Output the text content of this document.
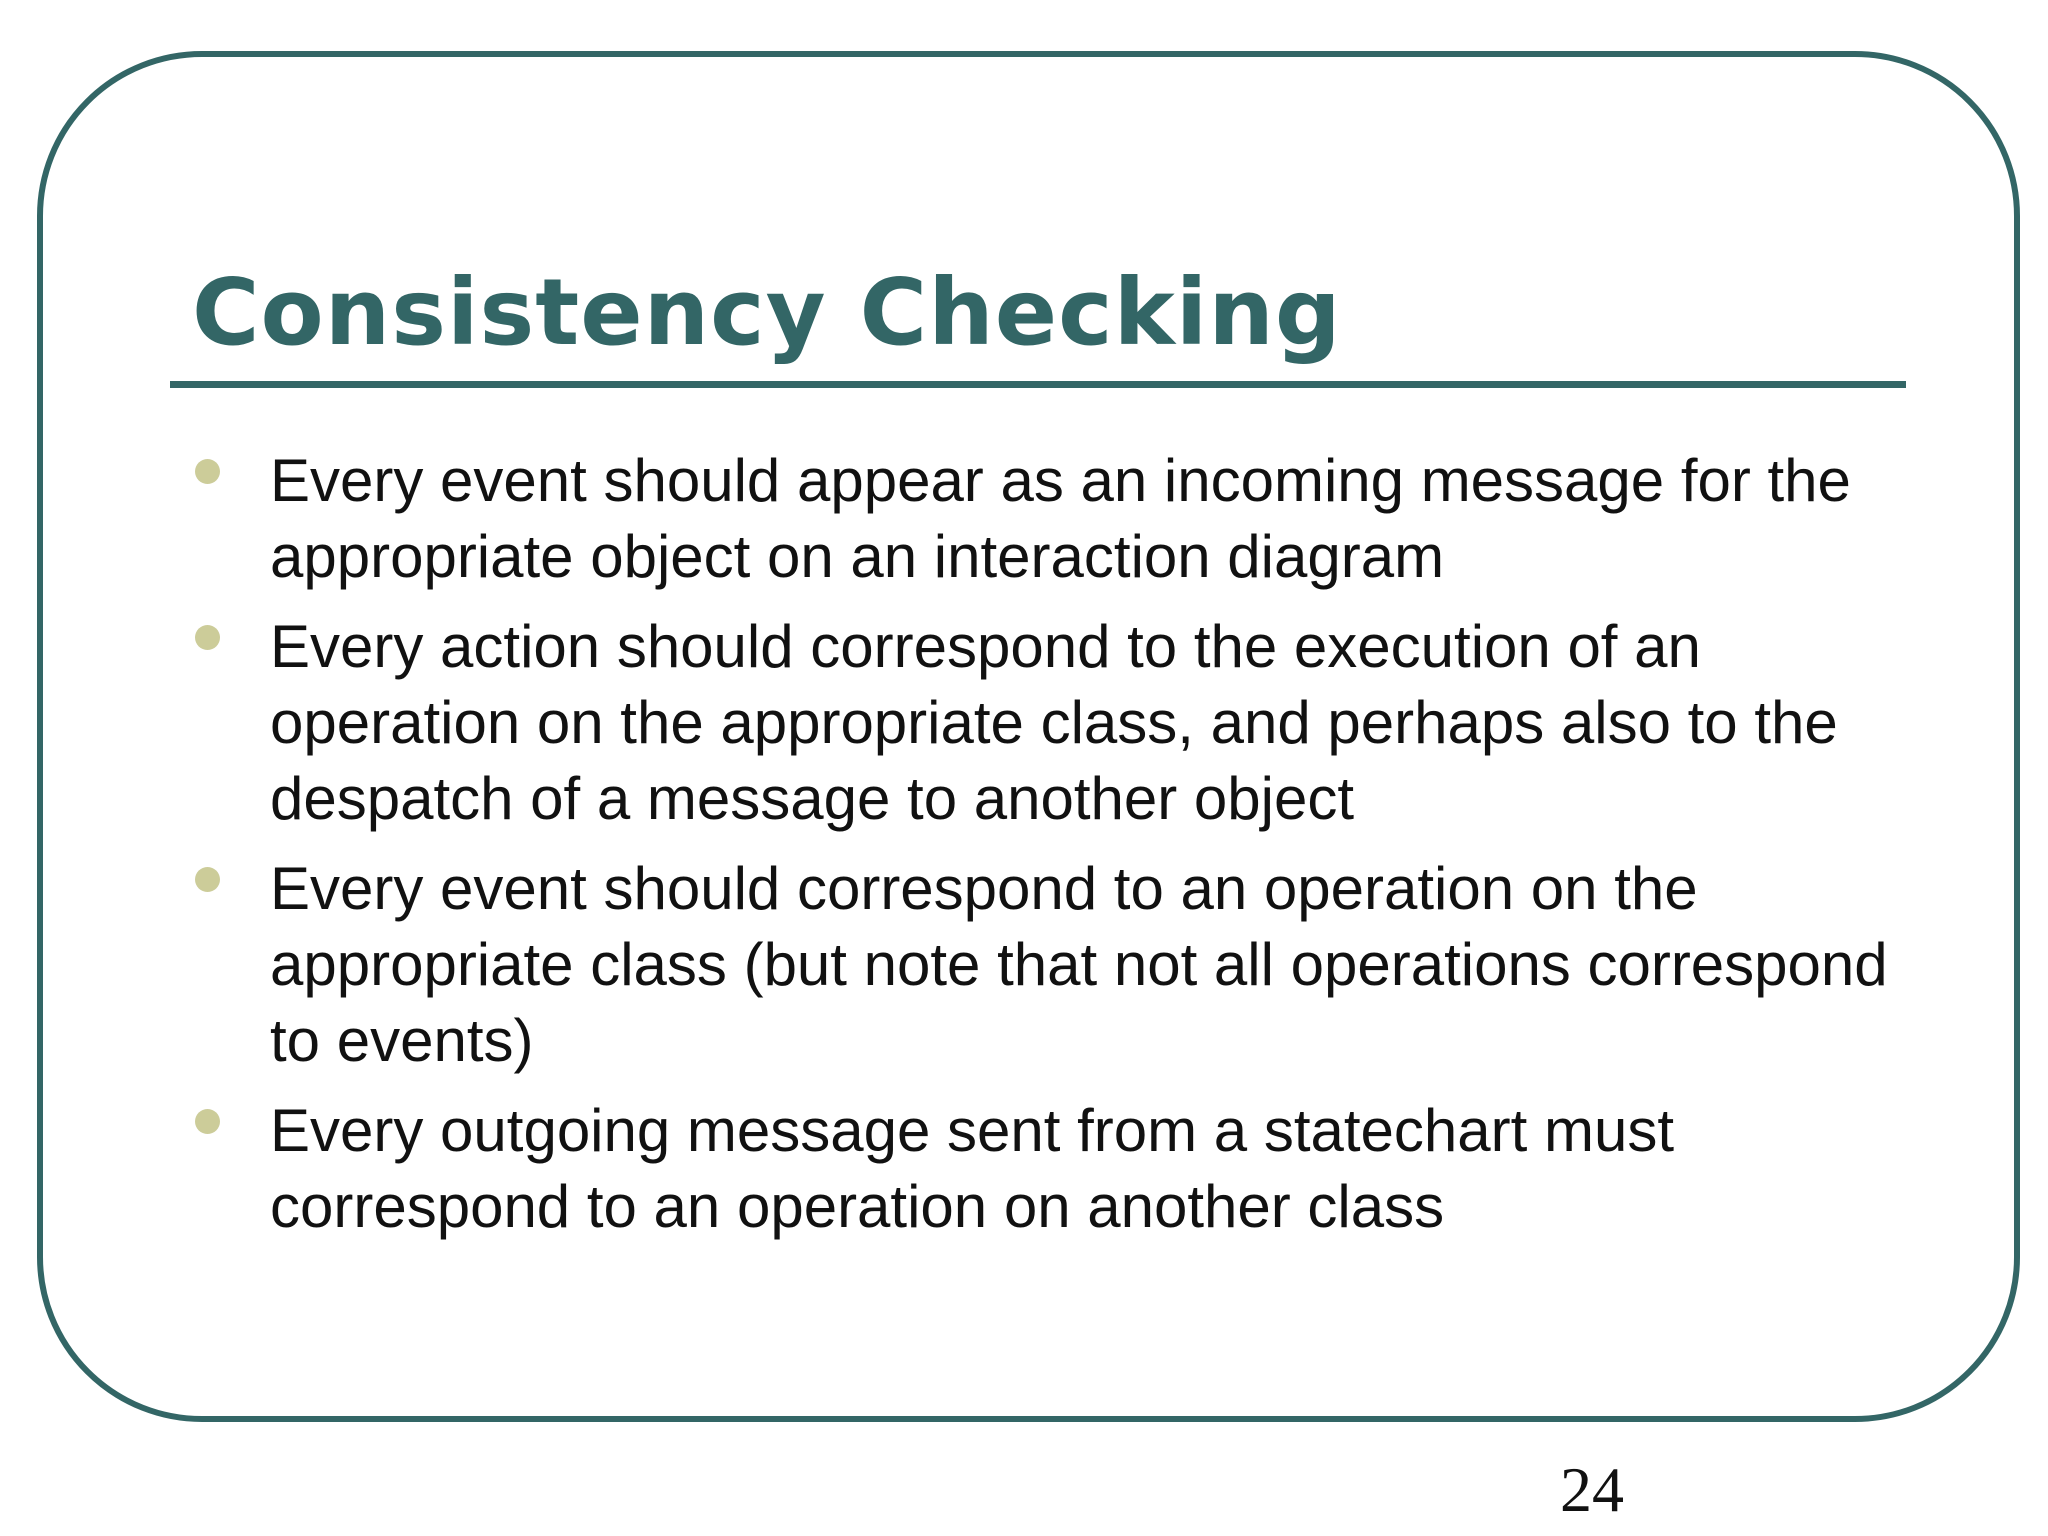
Consistency Checking
Every event should appear as an incoming message for the appropriate object on an interaction diagram
Every action should correspond to the execution of an operation on the appropriate class, and perhaps also to the despatch of a message to another object
Every event should correspond to an operation on the appropriate class (but note that not all operations correspond to events)
Every outgoing message sent from a statechart must correspond to an operation on another class
24
